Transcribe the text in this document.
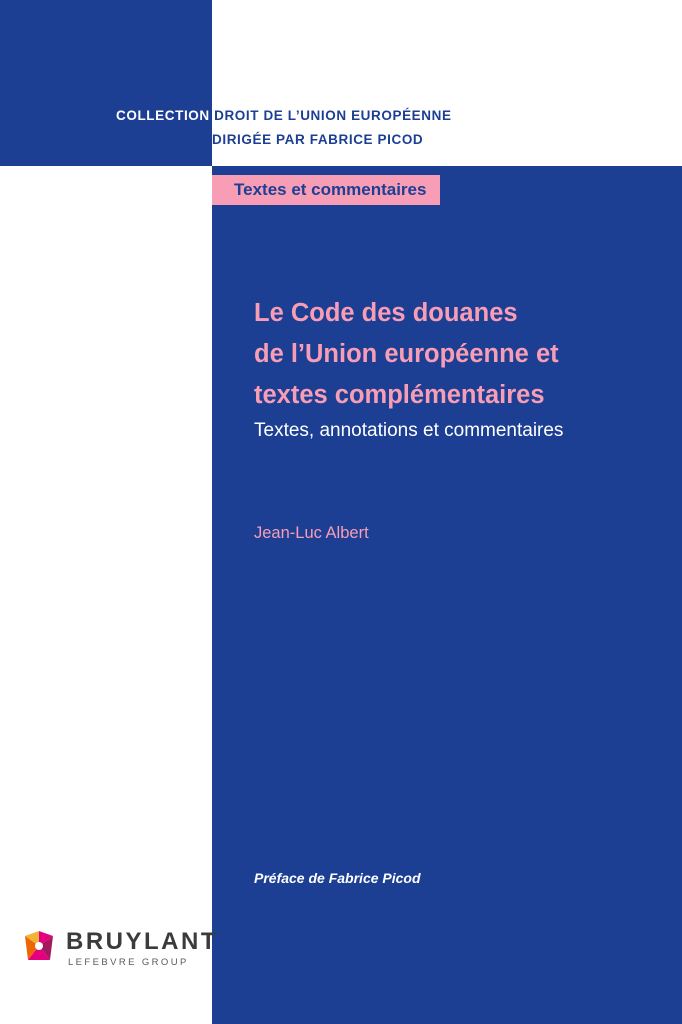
COLLECTION DROIT DE L’UNION EUROPÉENNE
DIRIGÉE PAR FABRICE PICOD
Textes et commentaires
Le Code des douanes
de l’Union européenne et
textes complémentaires
Textes, annotations et commentaires
Jean-Luc Albert
Préface de Fabrice Picod
BRUYLANT
LEFEBVRE GROUP
